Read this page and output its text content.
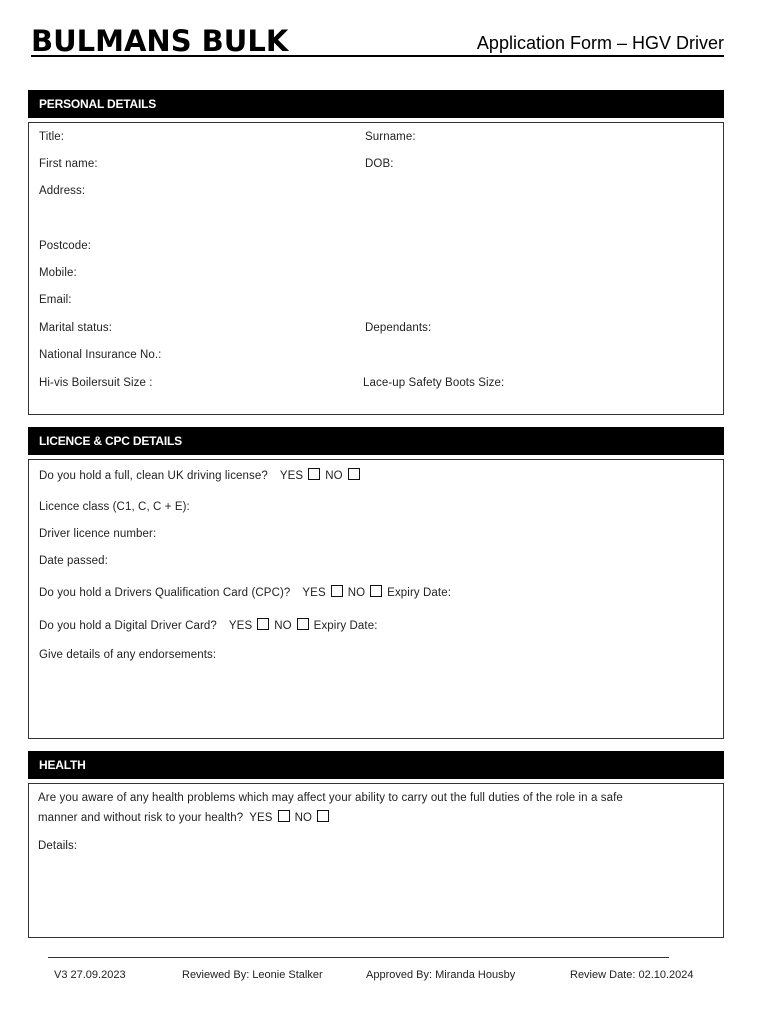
BULMANS BULK	Application Form – HGV Driver
PERSONAL DETAILS
Title:	Surname:
First name:	DOB:
Address:
Postcode:
Mobile:
Email:
Marital status:	Dependants:
National Insurance No.:
Hi-vis Boilersuit Size :	Lace-up Safety Boots Size:
LICENCE & CPC DETAILS
Do you hold a full, clean UK driving license? YES NO
Licence class (C1, C, C + E):
Driver licence number:
Date passed:
Do you hold a Drivers Qualification Card (CPC)? YES NO Expiry Date:
Do you hold a Digital Driver Card? YES NO Expiry Date:
Give details of any endorsements:
HEALTH
Are you aware of any health problems which may affect your ability to carry out the full duties of the role in a safe
manner and without risk to your health? YES NO
Details:
V3 27.09.2023	Reviewed By: Leonie Stalker	Approved By: Miranda Housby	Review Date: 02.10.2024
